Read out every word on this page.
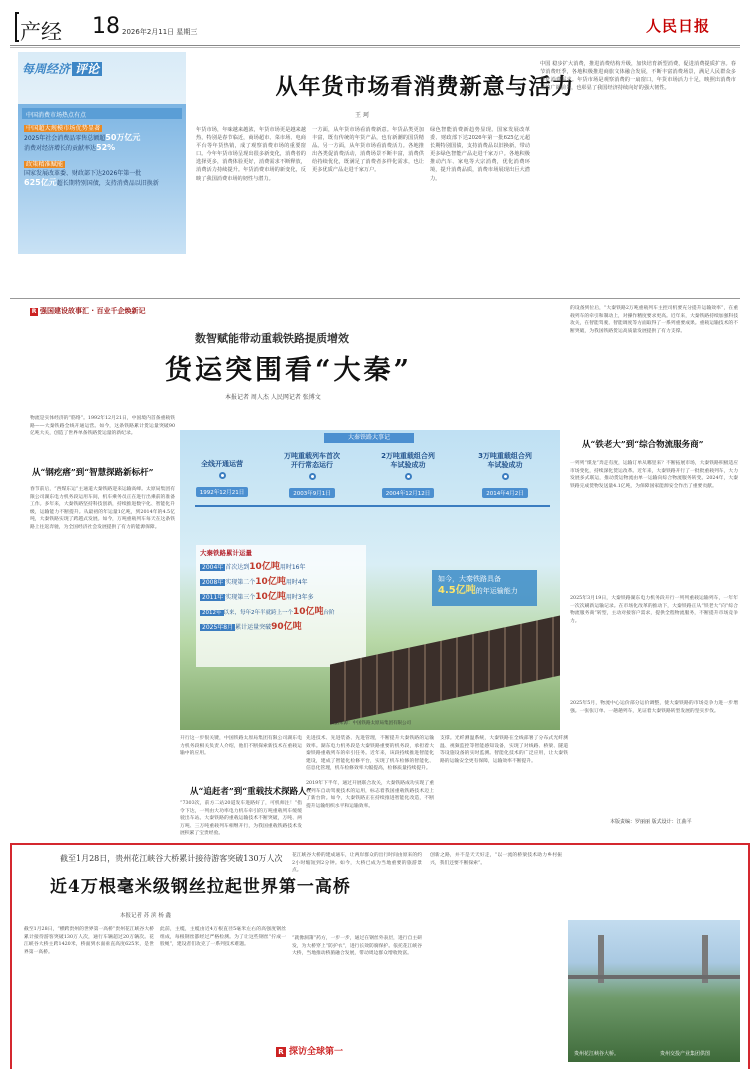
产经 18 2026年2月11日 星期三	人民日报
每周经济 评论
中国消费市场热点有点
中国超大规模市场优势显著
2025年社会消费品零售总额超50万亿元
消费对经济增长的贡献率达52%
政策精准赋能
国家发展改革委、财政部下达2026年第一批
625亿元超长期特别国债，支持消费品以旧换新
从年货市场看消费新意与活力
王 珂
年货市场，年味越来越浓，年货市场更是越来越热，特别是春节临近，商场超市、菜市场、电商平台等年货热销，成了观察消费市场的重要窗口。今年年货市场呈现出很多新变化，消费者的选择更多，消费体验更好，消费需求不断释放，消费活力持续提升。年货消费市场的新变化，反映了我国消费市场的韧性与潜力。
一方面，从年货市场看消费新意。年货品类更加丰富，既有传统的年货产品，也有新潮的国货精品。另一方面，从年货市场看消费活力。各地推出各类促消费活动，消费场景不断丰富，消费供给持续优化，既满足了消费者多样化需求，也让更多优质产品走进千家万户。
绿色智能消费新趋势显现。国家发展改革委、财政部下达2026年第一批625亿元超长期特别国债，支持消费品以旧换新，带动更多绿色智能产品走进千家万户。各地积极推动汽车、家电等大宗消费，优化消费环境，提升消费品质，消费市场展现出巨大潜力。
中国 稳步扩大消费，推进消费结构升级，加快培育新型消费，促进消费提质扩容。春节消费旺季，各地积极推进商旅文体融合发展，不断丰富消费场景，满足人民群众多样化消费需求。年货市场是观察消费的一扇窗口，年货市场活力十足，映照出消费市场的广阔前景，也彰显了我国经济持续向好的强大韧性。
R 强国建设故事汇 · 百业千企焕新记
数智赋能带动重载铁路提质增效
货运突围看“大秦”
本报记者 周人杰 人民网记者 张博文
物流是实体经济的“筋络”。1992年12月21日，中国境内首条重载铁路——大秦铁路全线开通运营。如今，这条铁路累计货运量突破90亿吨大关，创造了世界单条铁路货运量的新纪录。
从“钢疙瘩”到“智慧探路新标杆”
春节前后，“西煤东运”主通道大秦铁路迎来运输高峰。太原局集团有限公司湖东电力机务段运用车间，机车乘务员正在进行出乘前的准备工作。多年来，大秦铁路坚持科技创新，持续推进数字化、智能化升级，运输能力不断提升。从最初的年运量1亿吨，到2014年的4.5亿吨，大秦铁路实现了跨越式发展。如今，万吨重载列车每天在这条铁路上往返奔驰，为全国经济社会发展提供了有力的能源保障。
大秦铁路大事记
全线开通运营
1992年12月21日
万吨重载列车首次开行常态运行
2003年9月1日
2万吨重载组合列车试验成功
2004年12月12日
3万吨重载组合列车试验成功
2014年4月2日
大秦铁路累计运量
2004年 首次达到10亿吨用时16年
2008年 实现第二个10亿吨用时4年
2011年 实现第三个10亿吨用时3年多
2012年 以来，每年2年半就跨上一个10亿吨台阶
2025年8月 累计运量突破90亿吨
如今，大秦铁路具备
4.5亿吨的年运输能力
数据来源：中国铁路太原局集团有限公司
开行这一步很关键，中国铁路太原局集团有限公司湖东电力机务段相关负责人介绍，他们不断探索新技术在重载运输中的应用。
从“追赶者”到“重载技术探路人”
“7303次，前方二站20道发车进路好了，可机师注！”指令下达，一列由大功率电力机车牵引的万吨重载列车缓缓驶出车站。大秦铁路的重载运输技术不断突破，万吨、两万吨、三万吨重载列车相继开行，为我国重载铁路技术发展积累了宝贵经验。
先进技术、先进装备、先进管理，不断提升大秦铁路的运输效率。湖东电力机务段是大秦铁路重要的机务段，承担着大秦铁路重载列车的牵引任务。近年来，该段持续推进智能化建设，建成了智能化检修平台，实现了机车检修的智能化、信息化管理，机车检修效率大幅提高，检修质量持续提升。
支撑。光纤测温系统，大秦铁路在全线部署了分布式光纤测温、视频监控等智能感知设备，实现了对线路、桥梁、隧道等设施设备的实时监测。智能化技术的广泛应用，让大秦铁路的运输安全更有保障，运输效率不断提升。
2019年下半年，通过开展联合攻关，大秦铁路成功实现了重载列车自动驾驶技术的运用，标志着我国重载铁路技术迈上了新台阶。如今，大秦铁路正在持续推进智能化改造，不断提升运输组织水平和运输效率。
的设备到位后，“大秦铁路2万吨重载列车主控司机要充分提升运输效率”，在重载列车的牵引和制动上，对操作精度要求更高。近年来，大秦铁路持续加强科技攻关，在智能驾驶、智能调度等方面取得了一系列重要成果。重载运输技术的不断突破，为我国铁路货运高质量发展提供了有力支撑。
从“铁老大”到“综合物流服务商”
一列列“煤龙”奔走有度，运输订单从哪里来？不断拓展市场，大秦铁路积极适应市场变化，持续深化货运改革。近年来，大秦铁路开行了一批批重载列车，大力发展多式联运，推动货运物流由单一运输向综合物流服务转变。2024年，大秦铁路完成货物发送量4.1亿吨，为保障国家能源安全作出了重要贡献。
2025年3月19日，大秦铁路湖东电力机务段开行一列列重载运输列车，一年年一次次刷新运输记录。在市场化改革的推动下，大秦铁路正从“铁老大”向“综合物流服务商”转型，主动对接客户需求，提供全程物流服务，不断提升市场竞争力。
2025年5月，物流中心运价部分运价调整，使大秦铁路的市场竞争力进一步增强。一张张订单、一趟趟列车，见证着大秦铁路转型发展的坚实步伐。
本版责编：罗丽丽 版式设计：江曲平
截至1月28日，贵州花江峡谷大桥累计接待游客突破130万人次
近4万根毫米级钢丝拉起世界第一高桥
本报记者 苏 滨 杨 鑫
截至1月28日，“横跨贵州的世界第一高桥”贵州花江峡谷大桥累计接待游客突破130万人次，通行车辆超过20万辆次。花江峡谷大桥主跨1420米，桥面到水面垂直高度625米，是世界第一高桥。
此前，主缆，主缆由近4万根直径5毫米左右的高强度钢丝组成，每根钢丝都经过严格检测。为了让这些钢丝“拧成一股绳”，建设者们攻克了一系列技术难题。
花江峡谷大桥的建成通车，让两岸群众的出行时间由原来的约2小时缩短到2分钟。如今，大桥已成为当地重要的旅游景点。
“就像洞箫”药方，一步一步，通过在钢丝外表层，进行自主研发，为大桥穿上“防护衣”，进行长效防腐保护。依托花江峡谷大桥，当地推动桥旅融合发展，带动周边群众增收致富。
创新之路，并不是天天好走，“以一流的桥梁技术助力乡村振兴，我们还要不断探索”。
贵州花江峡谷大桥。	贵州交投产业集团供图
R 探访全球第一
